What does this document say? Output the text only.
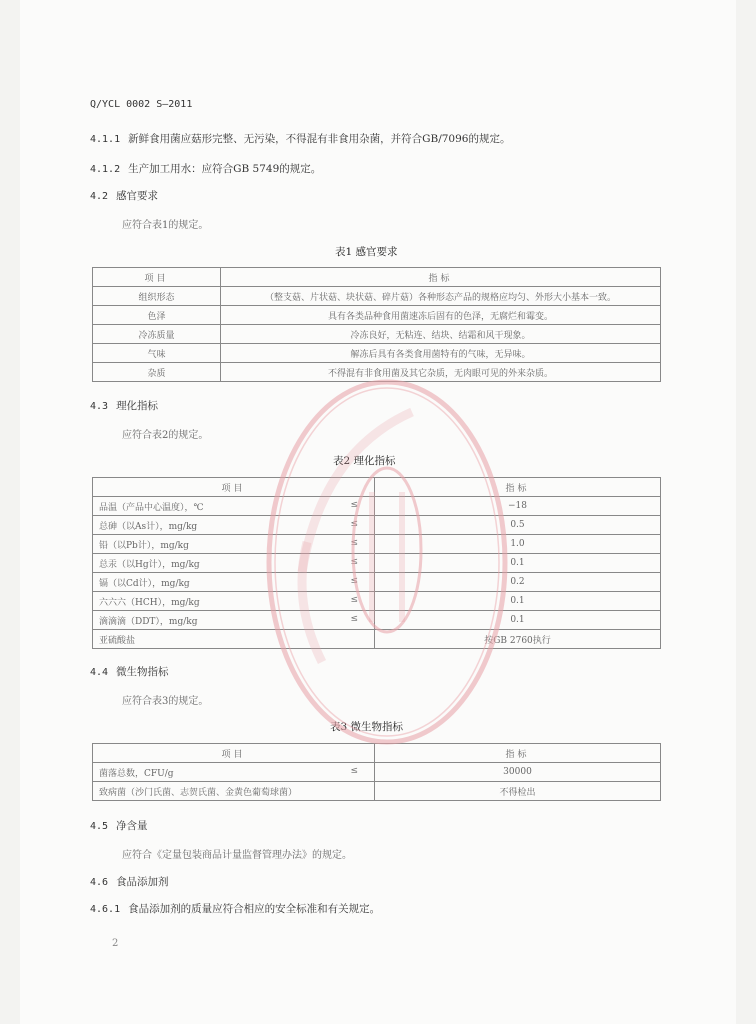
Q/YCL 0002 S—2011
4.1.1 新鲜食用菌应菇形完整、无污染，不得混有非食用杂菌，并符合GB/7096的规定。
4.1.2 生产加工用水：应符合GB 5749的规定。
4.2 感官要求
应符合表1的规定。
表1 感官要求
项目	指标
组织形态	（整支菇、片状菇、块状菇、碎片菇）各种形态产品的规格应均匀、外形大小基本一致。
色泽	具有各类品种食用菌速冻后固有的色泽，无腐烂和霉变。
冷冻质量	冷冻良好，无粘连、结块、结霜和风干现象。
气味	解冻后具有各类食用菌特有的气味，无异味。
杂质	不得混有非食用菌及其它杂质，无肉眼可见的外来杂质。
4.3 理化指标
应符合表2的规定。
表2 理化指标
项目	指标
品温（产品中心温度），℃ ≤	−18
总砷（以As计），mg/kg ≤	0.5
铅（以Pb计），mg/kg ≤	1.0
总汞（以Hg计），mg/kg ≤	0.1
镉（以Cd计），mg/kg ≤	0.2
六六六（HCH），mg/kg ≤	0.1
滴滴滴（DDT），mg/kg ≤	0.1
亚硫酸盐	按GB 2760执行
4.4 微生物指标
应符合表3的规定。
表3 微生物指标
项目	指标
菌落总数，CFU/g ≤	30000
致病菌（沙门氏菌、志贺氏菌、金黄色葡萄球菌）	不得检出
4.5 净含量
应符合《定量包装商品计量监督管理办法》的规定。
4.6 食品添加剂
4.6.1 食品添加剂的质量应符合相应的安全标准和有关规定。
2
